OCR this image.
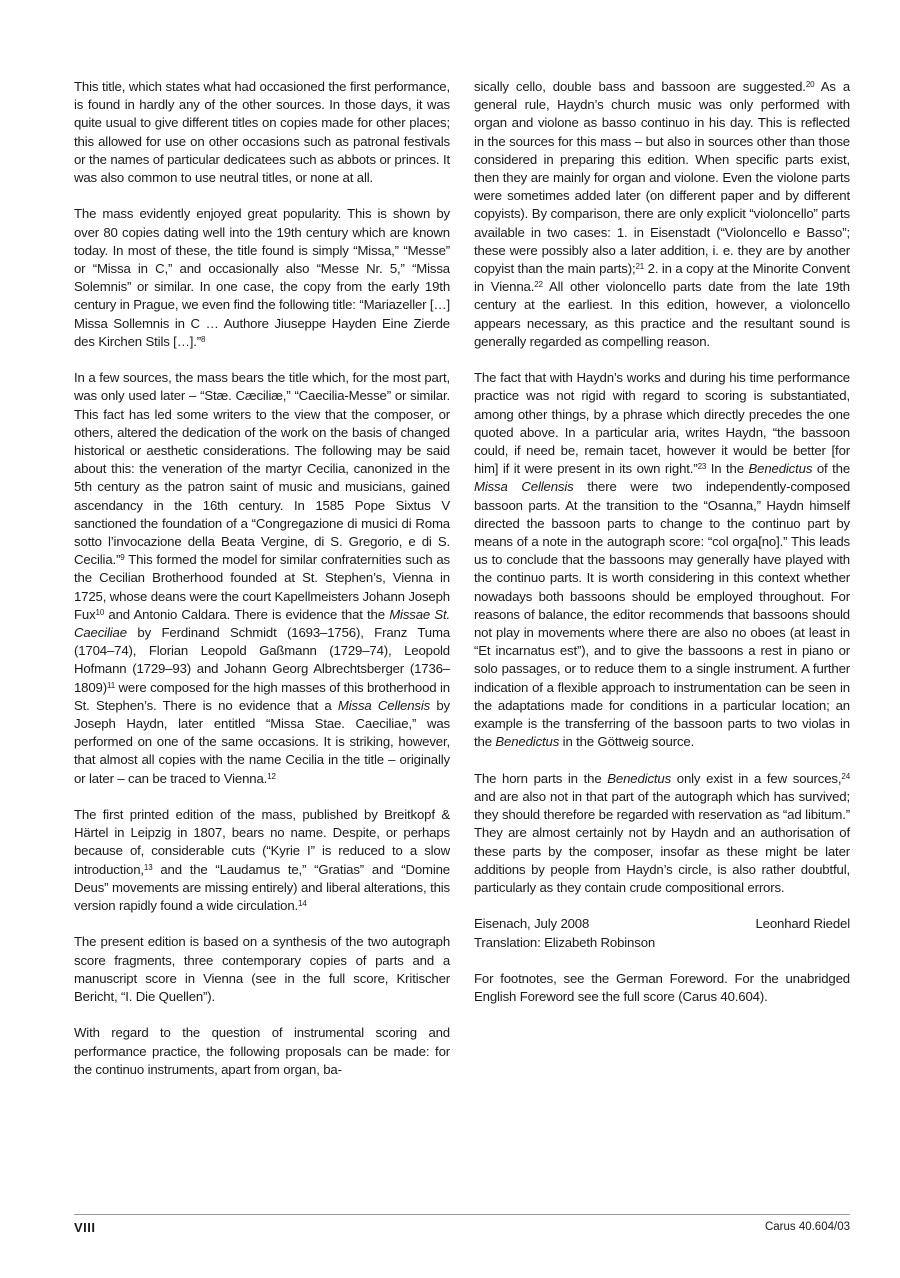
This title, which states what had occasioned the first performance, is found in hardly any of the other sources. In those days, it was quite usual to give different titles on copies made for other places; this allowed for use on other occasions such as patronal festivals or the names of particular dedicatees such as abbots or princes. It was also common to use neutral titles, or none at all.

The mass evidently enjoyed great popularity. This is shown by over 80 copies dating well into the 19th century which are known today. In most of these, the title found is simply “Missa,” “Messe” or “Missa in C,” and occasionally also “Messe Nr. 5,” “Missa Solemnis” or similar. In one case, the copy from the early 19th century in Prague, we even find the following title: “Mariazeller […] Missa Sollemnis in C … Authore Jiuseppe Hayden Eine Zierde des Kirchen Stils […].”$^8$

In a few sources, the mass bears the title which, for the most part, was only used later – “Stæ. Cæciliæ,” “Caecilia-Messe” or similar. This fact has led some writers to the view that the composer, or others, altered the dedication of the work on the basis of changed historical or aesthetic considerations. The following may be said about this: the veneration of the martyr Cecilia, canonized in the 5th century as the patron saint of music and musicians, gained ascendancy in the 16th century. In 1585 Pope Sixtus V sanctioned the foundation of a “Congregazione di musici di Roma sotto l’invocazione della Beata Vergine, di S. Gregorio, e di S. Cecilia.”$^9$ This formed the model for similar confraternities such as the Cecilian Brotherhood founded at St. Stephen’s, Vienna in 1725, whose deans were the court Kapellmeisters Johann Joseph Fux$^{10}$ and Antonio Caldara. There is evidence that the Missae St. Caeciliae by Ferdinand Schmidt (1693–1756), Franz Tuma (1704–74), Florian Leopold Gaßmann (1729–74), Leopold Hofmann (1729–93) and Johann Georg Albrechtsberger (1736–1809)$^{11}$ were composed for the high masses of this brotherhood in St. Stephen’s. There is no evidence that a Missa Cellensis by Joseph Haydn, later entitled “Missa Stae. Caeciliae,” was performed on one of the same occasions. It is striking, however, that almost all copies with the name Cecilia in the title – originally or later – can be traced to Vienna.$^{12}$

The first printed edition of the mass, published by Breitkopf & Härtel in Leipzig in 1807, bears no name. Despite, or perhaps because of, considerable cuts (“Kyrie I” is reduced to a slow introduction,$^{13}$ and the “Laudamus te,” “Gratias” and “Domine Deus” movements are missing entirely) and liberal alterations, this version rapidly found a wide circulation.$^{14}$

The present edition is based on a synthesis of the two autograph score fragments, three contemporary copies of parts and a manuscript score in Vienna (see in the full score, Kritischer Bericht, “I. Die Quellen”).

With regard to the question of instrumental scoring and performance practice, the following proposals can be made: for the continuo instruments, apart from organ, ba-

sically cello, double bass and bassoon are suggested.$^{20}$ As a general rule, Haydn’s church music was only performed with organ and violone as basso continuo in his day. This is reflected in the sources for this mass – but also in sources other than those considered in preparing this edition. When specific parts exist, then they are mainly for organ and violone. Even the violone parts were sometimes added later (on different paper and by different copyists). By comparison, there are only explicit “violoncello” parts available in two cases: 1. in Eisenstadt (“Violoncello e Basso”; these were possibly also a later addition, i. e. they are by another copyist than the main parts);$^{21}$ 2. in a copy at the Minorite Convent in Vienna.$^{22}$ All other violoncello parts date from the late 19th century at the earliest. In this edition, however, a violoncello appears necessary, as this practice and the resultant sound is generally regarded as compelling reason.

The fact that with Haydn’s works and during his time performance practice was not rigid with regard to scoring is substantiated, among other things, by a phrase which directly precedes the one quoted above. In a particular aria, writes Haydn, “the bassoon could, if need be, remain tacet, however it would be better [for him] if it were present in its own right.”$^{23}$ In the Benedictus of the Missa Cellensis there were two independently-composed bassoon parts. At the transition to the “Osanna,” Haydn himself directed the bassoon parts to change to the continuo part by means of a note in the autograph score: “col orga[no].” This leads us to conclude that the bassoons may generally have played with the continuo parts. It is worth considering in this context whether nowadays both bassoons should be employed throughout. For reasons of balance, the editor recommends that bassoons should not play in movements where there are also no oboes (at least in “Et incarnatus est”), and to give the bassoons a rest in piano or solo passages, or to reduce them to a single instrument. A further indication of a flexible approach to instrumentation can be seen in the adaptations made for conditions in a particular location; an example is the transferring of the bassoon parts to two violas in the Benedictus in the Göttweig source.

The horn parts in the Benedictus only exist in a few sources,$^{24}$ and are also not in that part of the autograph which has survived; they should therefore be regarded with reservation as “ad libitum.” They are almost certainly not by Haydn and an authorisation of these parts by the composer, insofar as these might be later additions by people from Haydn’s circle, is also rather doubtful, particularly as they contain crude compositional errors.

Eisenach, July 2008	Leonhard Riedel

Translation: Elizabeth Robinson

For footnotes, see the German Foreword. For the unabridged English Foreword see the full score (Carus 40.604).

VIII	Carus 40.604/03
